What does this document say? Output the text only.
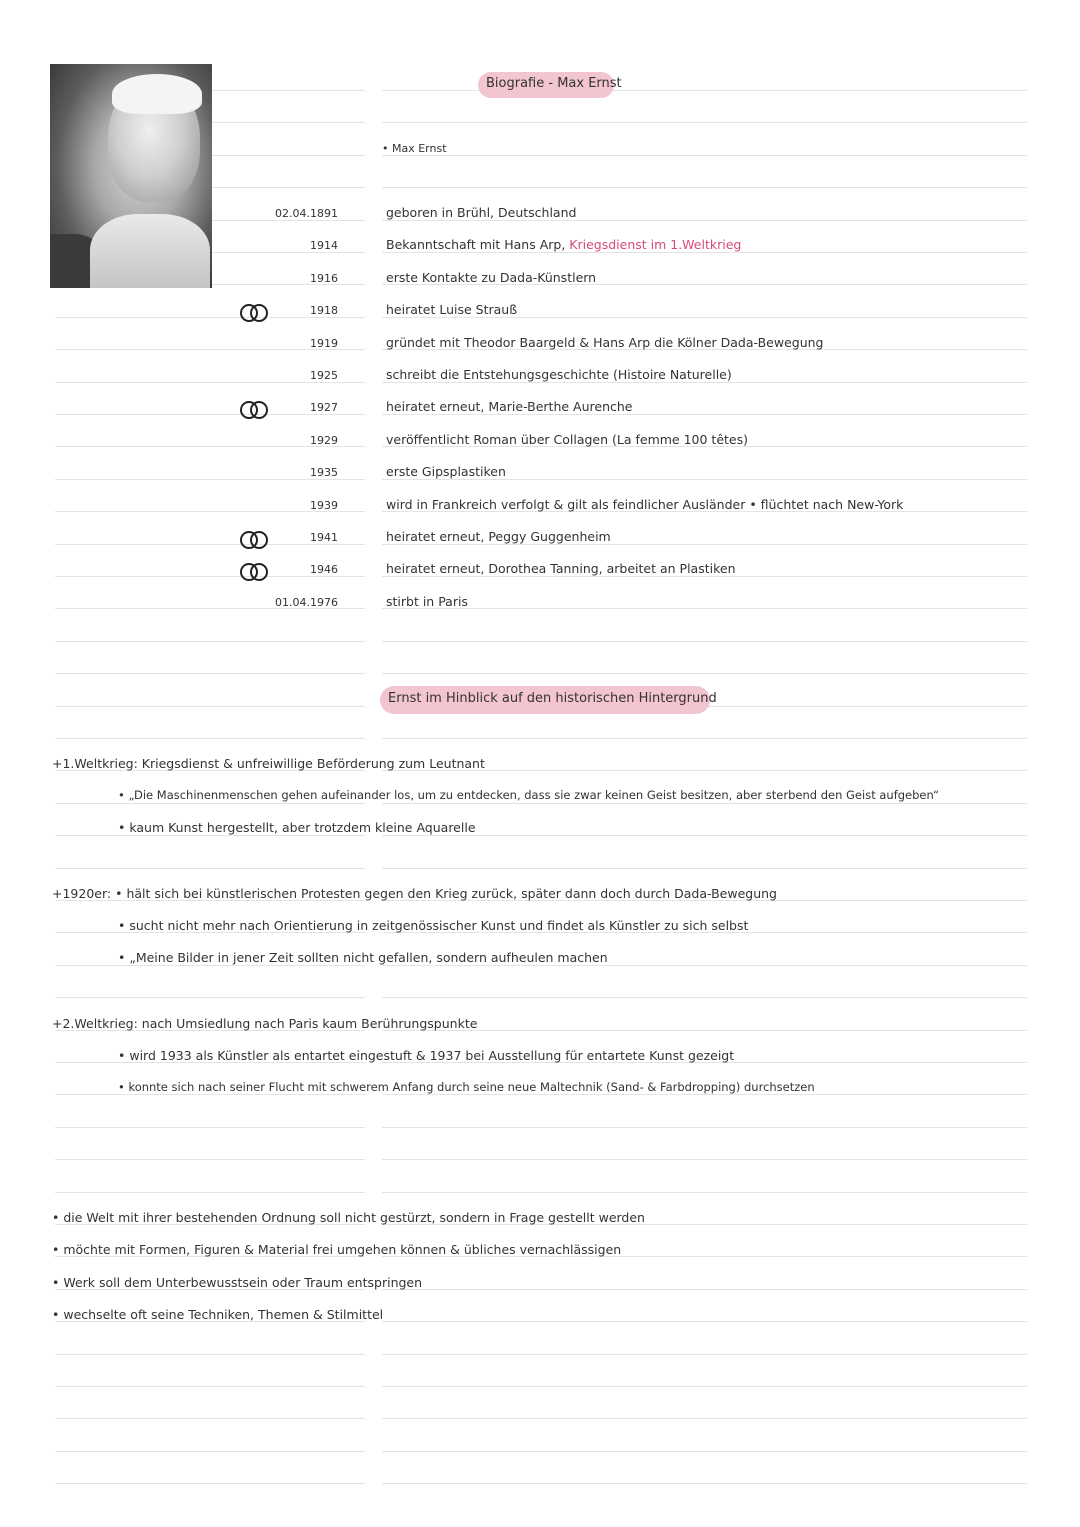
Biografie - Max Ernst
• Max Ernst
02.04.1891	geboren in Brühl, Deutschland
1914	Bekanntschaft mit Hans Arp, Kriegsdienst im 1.Weltkrieg
1916	erste Kontakte zu Dada-Künstlern
1918	heiratet Luise Strauß
1919	gründet mit Theodor Baargeld & Hans Arp die Kölner Dada-Bewegung
1925	schreibt die Entstehungsgeschichte (Histoire Naturelle)
1927	heiratet erneut, Marie-Berthe Aurenche
1929	veröffentlicht Roman über Collagen (La femme 100 têtes)
1935	erste Gipsplastiken
1939	wird in Frankreich verfolgt & gilt als feindlicher Ausländer • flüchtet nach New-York
1941	heiratet erneut, Peggy Guggenheim
1946	heiratet erneut, Dorothea Tanning, arbeitet an Plastiken
01.04.1976	stirbt in Paris
Ernst im Hinblick auf den historischen Hintergrund
+1.Weltkrieg: Kriegsdienst & unfreiwillige Beförderung zum Leutnant
• „Die Maschinenmenschen gehen aufeinander los, um zu entdecken, dass sie zwar keinen Geist besitzen, aber sterbend den Geist aufgeben“
• kaum Kunst hergestellt, aber trotzdem kleine Aquarelle
+1920er: • hält sich bei künstlerischen Protesten gegen den Krieg zurück, später dann doch durch Dada-Bewegung
• sucht nicht mehr nach Orientierung in zeitgenössischer Kunst und findet als Künstler zu sich selbst
• „Meine Bilder in jener Zeit sollten nicht gefallen, sondern aufheulen machen
+2.Weltkrieg: nach Umsiedlung nach Paris kaum Berührungspunkte
• wird 1933 als Künstler als entartet eingestuft & 1937 bei Ausstellung für entartete Kunst gezeigt
• konnte sich nach seiner Flucht mit schwerem Anfang durch seine neue Maltechnik (Sand- & Farbdropping) durchsetzen
• die Welt mit ihrer bestehenden Ordnung soll nicht gestürzt, sondern in Frage gestellt werden
• möchte mit Formen, Figuren & Material frei umgehen können & übliches vernachlässigen
• Werk soll dem Unterbewusstsein oder Traum entspringen
• wechselte oft seine Techniken, Themen & Stilmittel
